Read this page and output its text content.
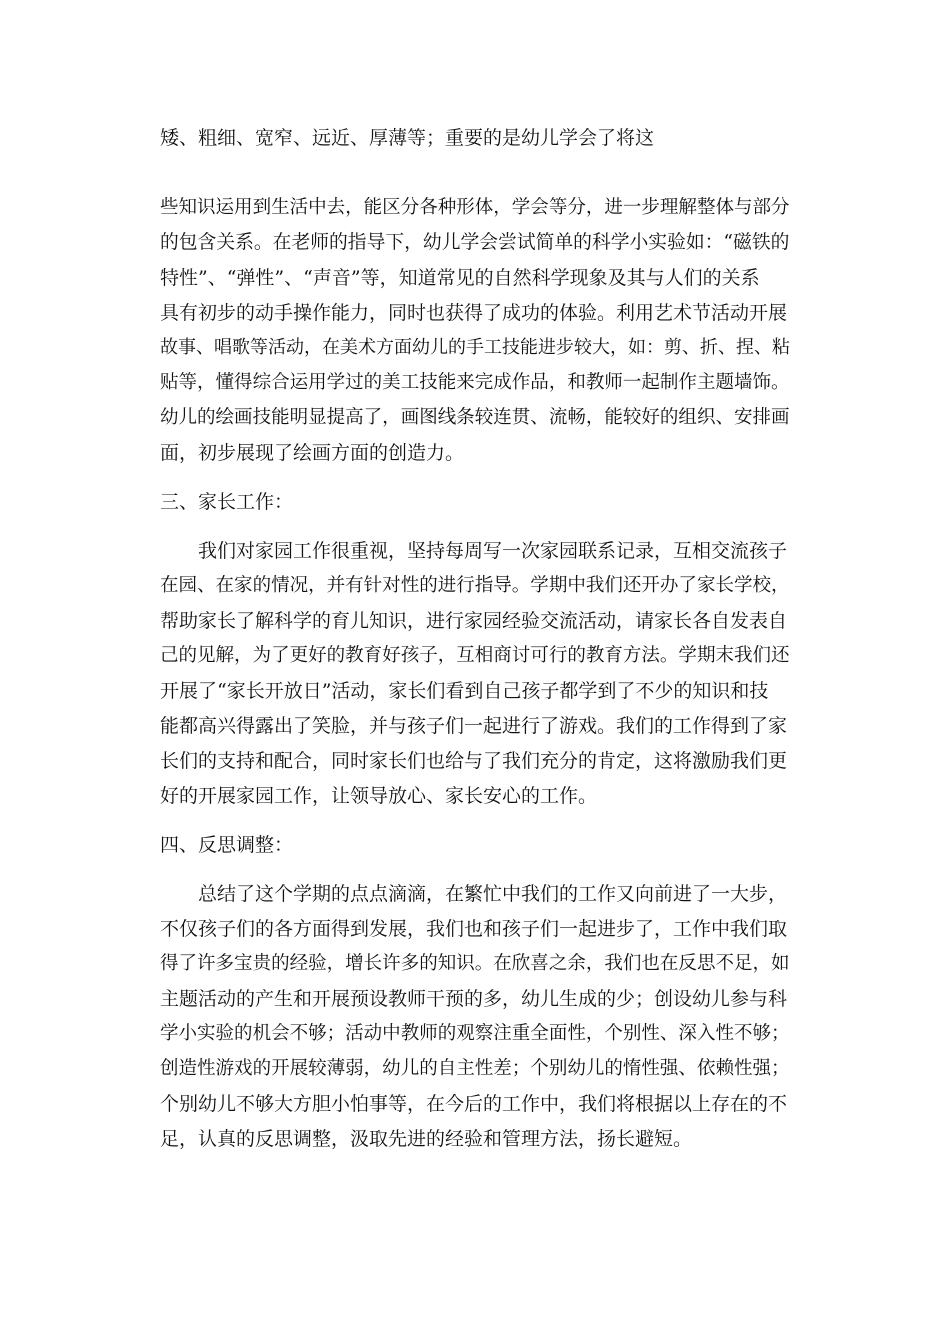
矮、粗细、宽窄、远近、厚薄等；重要的是幼儿学会了将这
些知识运用到生活中去，能区分各种形体，学会等分，进一步理解整体与部分
的包含关系。在老师的指导下，幼儿学会尝试简单的科学小实验如：“磁铁的
特性”、“弹性”、“声音”等，知道常见的自然科学现象及其与人们的关系
具有初步的动手操作能力，同时也获得了成功的体验。利用艺术节活动开展
故事、唱歌等活动，在美术方面幼儿的手工技能进步较大，如：剪、折、捏、粘
贴等，懂得综合运用学过的美工技能来完成作品，和教师一起制作主题墙饰。
幼儿的绘画技能明显提高了，画图线条较连贯、流畅，能较好的组织、安排画
面，初步展现了绘画方面的创造力。
三、家长工作：
我们对家园工作很重视，坚持每周写一次家园联系记录，互相交流孩子
在园、在家的情况，并有针对性的进行指导。学期中我们还开办了家长学校，
帮助家长了解科学的育儿知识，进行家园经验交流活动，请家长各自发表自
己的见解，为了更好的教育好孩子，互相商讨可行的教育方法。学期末我们还
开展了“家长开放日”活动，家长们看到自己孩子都学到了不少的知识和技
能都高兴得露出了笑脸，并与孩子们一起进行了游戏。我们的工作得到了家
长们的支持和配合，同时家长们也给与了我们充分的肯定，这将激励我们更
好的开展家园工作，让领导放心、家长安心的工作。
四、反思调整：
总结了这个学期的点点滴滴，在繁忙中我们的工作又向前进了一大步，
不仅孩子们的各方面得到发展，我们也和孩子们一起进步了，工作中我们取
得了许多宝贵的经验，增长许多的知识。在欣喜之余，我们也在反思不足，如
主题活动的产生和开展预设教师干预的多，幼儿生成的少；创设幼儿参与科
学小实验的机会不够；活动中教师的观察注重全面性，个别性、深入性不够；
创造性游戏的开展较薄弱，幼儿的自主性差；个别幼儿的惰性强、依赖性强；
个别幼儿不够大方胆小怕事等，在今后的工作中，我们将根据以上存在的不
足，认真的反思调整，汲取先进的经验和管理方法，扬长避短。
